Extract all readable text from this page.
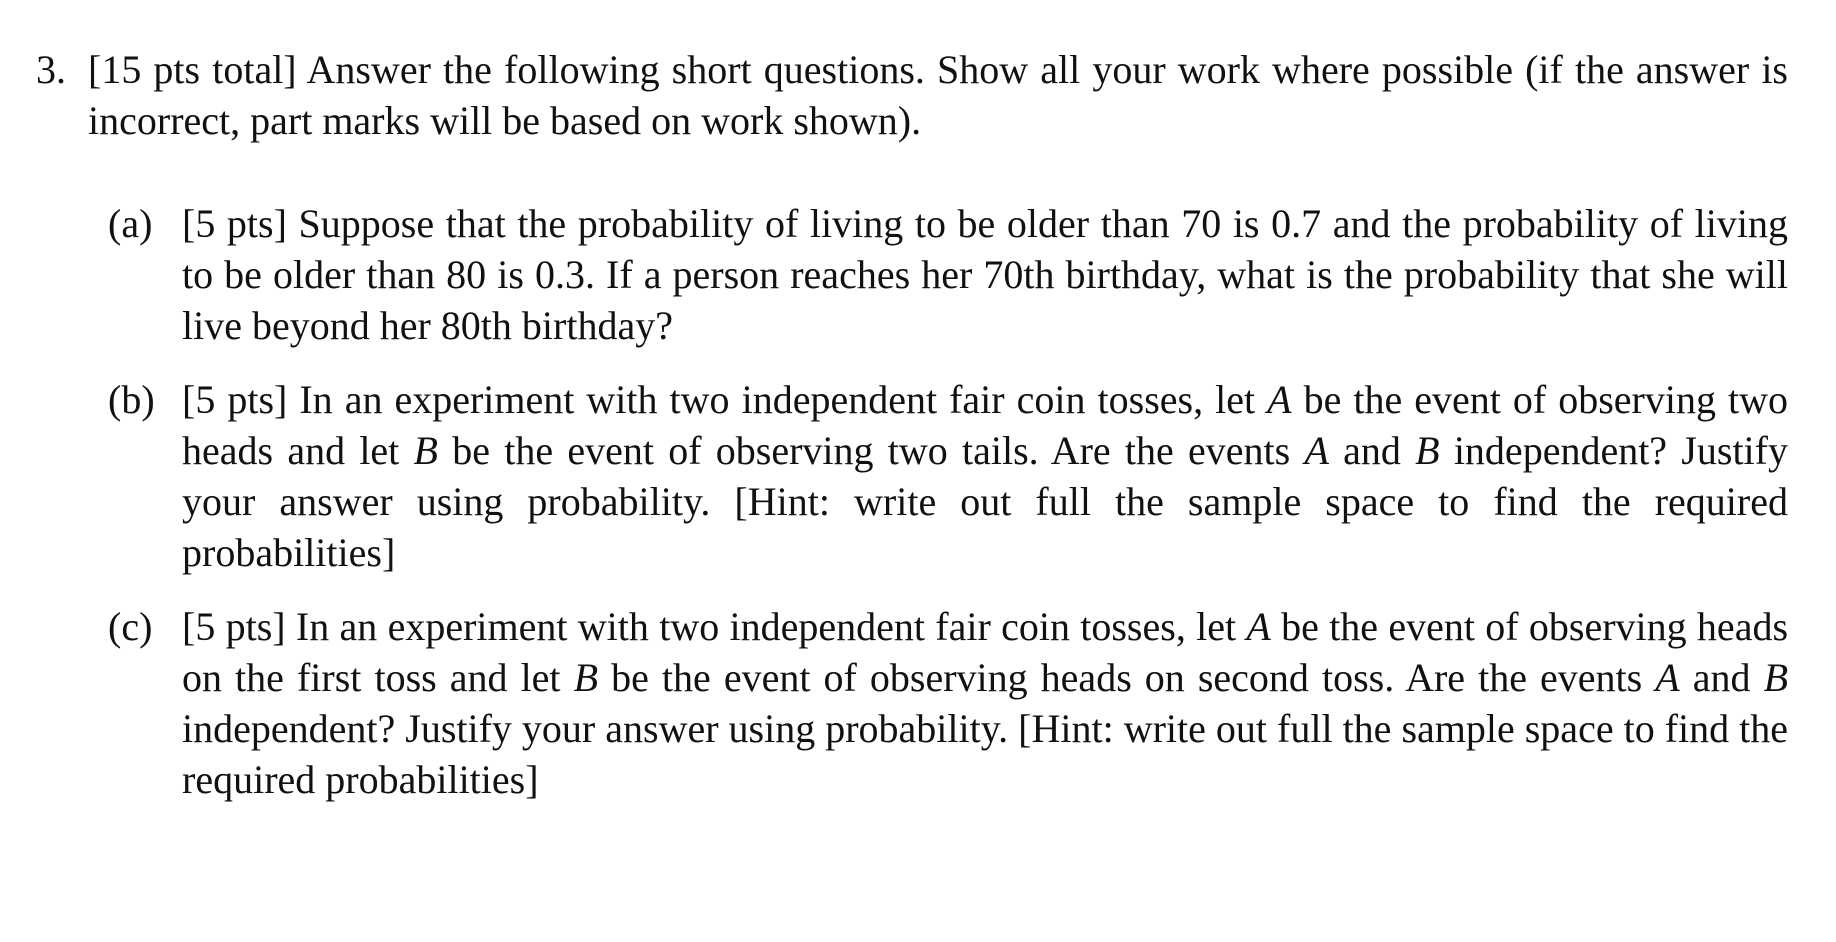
3. [15 pts total] Answer the following short questions. Show all your work where possible (if the answer is incorrect, part marks will be based on work shown).
(a) [5 pts] Suppose that the probability of living to be older than 70 is 0.7 and the probability of living to be older than 80 is 0.3. If a person reaches her 70th birthday, what is the probability that she will live beyond her 80th birthday?
(b) [5 pts] In an experiment with two independent fair coin tosses, let A be the event of observing two heads and let B be the event of observing two tails. Are the events A and B independent? Justify your answer using probability. [Hint: write out full the sample space to find the required probabilities]
(c) [5 pts] In an experiment with two independent fair coin tosses, let A be the event of observing heads on the first toss and let B be the event of observing heads on second toss. Are the events A and B independent? Justify your answer using probability. [Hint: write out full the sample space to find the required probabilities]
